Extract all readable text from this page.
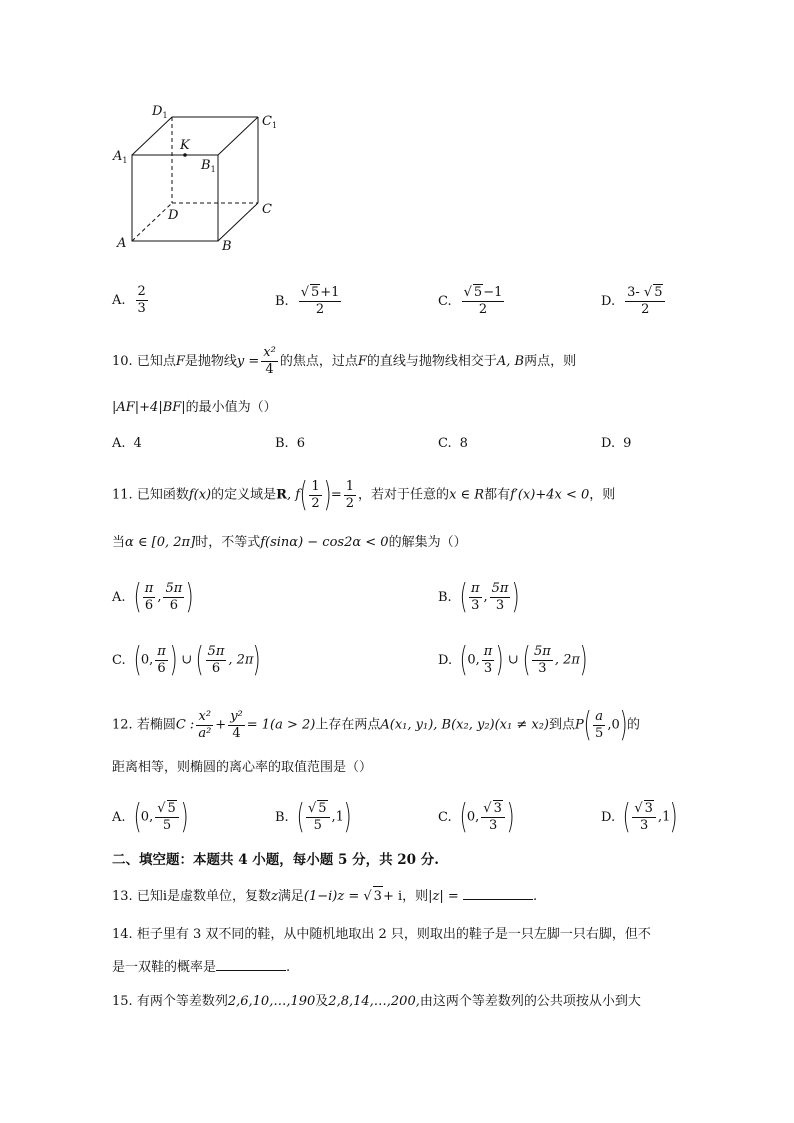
$D_1$	$C_1$
$A_1$
K
$B_1$
D	C
A	B
A. $\frac{2}{3}$	B. $\frac{√ 5+1}{2}$	C. $\frac{√ 5-1}{2}$	D. $\frac{3- √ 5}{2}$
10. 已知点F是抛物线$y = \frac{\text{x²}}{4}$ 的焦点，过点F的直线与抛物线相交于A, B两点，则
|AF|+4|BF|的最小值为（）
A. 4	B. 6	C. 8	D. 9
11. 已知函数f(x)的定义域是R, $f( \frac{1}{2}$ )= $\frac{1}{2}$ ，若对于任意的x ∈ R都有f′(x)+4x < 0，则
当α ∈ [0, 2π]时，不等式f(sinα) − cos2α < 0的解集为（）
A. ( $\frac{\pi}{6}$ , $\frac{5\pi}{6}$ )	B. ( $\frac{\pi}{3}$ , $\frac{5\pi}{3}$ )
C. (0, $\frac{\pi}{6}$ ) ∪ ( $\frac{5\pi}{6}$ , 2π)	D. (0, $\frac{\pi}{3}$ ) ∪ ( $\frac{5\pi}{3}$ , 2π)
12. 若椭圆C : $\frac{\text{x²}}{\text{a²}} + \frac{\text{y²}}{4} = 1(a > 2)$上存在两点A(x₁, y₁), B(x₂, y₂)(x₁ ≠ x₂)到点$P( \frac{a}{5} ,0)$的
距离相等，则椭圆的离心率的取值范围是（）
A. (0, $\frac{√ 5}{5}$ )	B. ( $\frac{√ 5}{5} ,1$)	C. (0, $\frac{√ 3}{3}$ )	D. ( $\frac{√ 3}{3} ,1$)
二、填空题：本题共 4 小题，每小题 5 分，共 20 分.
13. 已知i是虚数单位，复数z满足(1−i)z = √ 3+ i，则|z| =	.
14. 柜子里有 3 双不同的鞋，从中随机地取出 2 只，则取出的鞋子是一只左脚一只右脚，但不
是一双鞋的概率是	.
15. 有两个等差数列2,6,10,…,190及2,8,14,…,200,由这两个等差数列的公共项按从小到大
